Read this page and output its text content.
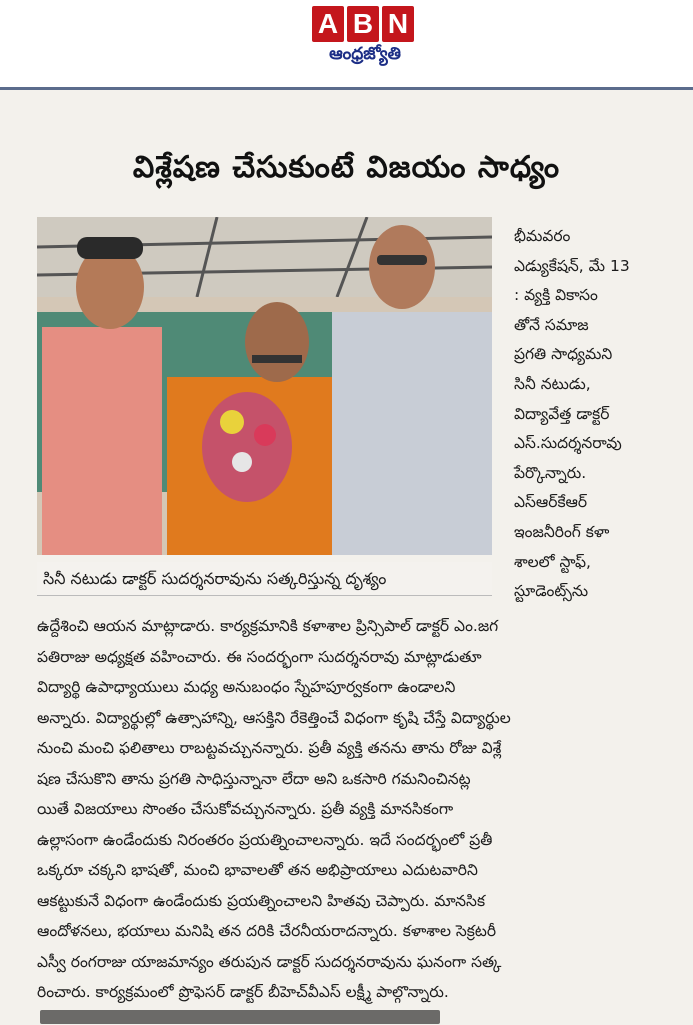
A B N
ఆంధ్రజ్యోతి
విశ్లేషణ చేసుకుంటే విజయం సాధ్యం
సినీ నటుడు డాక్టర్ సుదర్శనరావును సత్కరిస్తున్న దృశ్యం
భీమవరం
ఎడ్యుకేషన్, మే 13
: వ్యక్తి వికాసం
తోనే సమాజ
ప్రగతి సాధ్యమని
సినీ నటుడు,
విద్యావేత్త డాక్టర్
ఎస్.సుదర్శనరావు
పేర్కొన్నారు.
ఎస్ఆర్‌కేఆర్
ఇంజనీరింగ్ కళా
శాలలో స్టాఫ్,
స్టూడెంట్స్‌ను
ఉద్దేశించి ఆయన మాట్లాడారు. కార్యక్రమానికి కళాశాల ప్రిన్సిపాల్ డాక్టర్ ఎం.జగ
పతిరాజు అధ్యక్షత వహించారు. ఈ సందర్భంగా సుదర్శనరావు మాట్లాడుతూ
విద్యార్థి ఉపాధ్యాయులు మధ్య అనుబంధం స్నేహపూర్వకంగా ఉండాలని
అన్నారు. విద్యార్థుల్లో ఉత్సాహాన్ని, ఆసక్తిని రేకెత్తించే విధంగా కృషి చేస్తే విద్యార్థుల
నుంచి మంచి ఫలితాలు రాబట్టవచ్చునన్నారు. ప్రతీ వ్యక్తి తనను తాను రోజు విశ్లే
షణ చేసుకొని తాను ప్రగతి సాధిస్తున్నానా లేదా అని ఒకసారి గమనించినట్ల
యితే విజయాలు సొంతం చేసుకోవచ్చునన్నారు. ప్రతీ వ్యక్తి మానసికంగా
ఉల్లాసంగా ఉండేందుకు నిరంతరం ప్రయత్నించాలన్నారు. ఇదే సందర్భంలో ప్రతీ
ఒక్కరూ చక్కని భాషతో, మంచి భావాలతో తన అభిప్రాయాలు ఎదుటవారిని
ఆకట్టుకునే విధంగా ఉండేందుకు ప్రయత్నించాలని హితవు చెప్పారు. మానసిక
ఆందోళనలు, భయాలు మనిషి తన దరికి చేరనీయరాదన్నారు. కళాశాల సెక్రటరీ
ఎస్వీ రంగరాజు యాజమాన్యం తరుపున డాక్టర్ సుదర్శనరావును ఘనంగా సత్క
రించారు. కార్యక్రమంలో ప్రొఫెసర్ డాక్టర్ బీహెచ్‌వీఎస్ లక్ష్మీ పాల్గొన్నారు.
